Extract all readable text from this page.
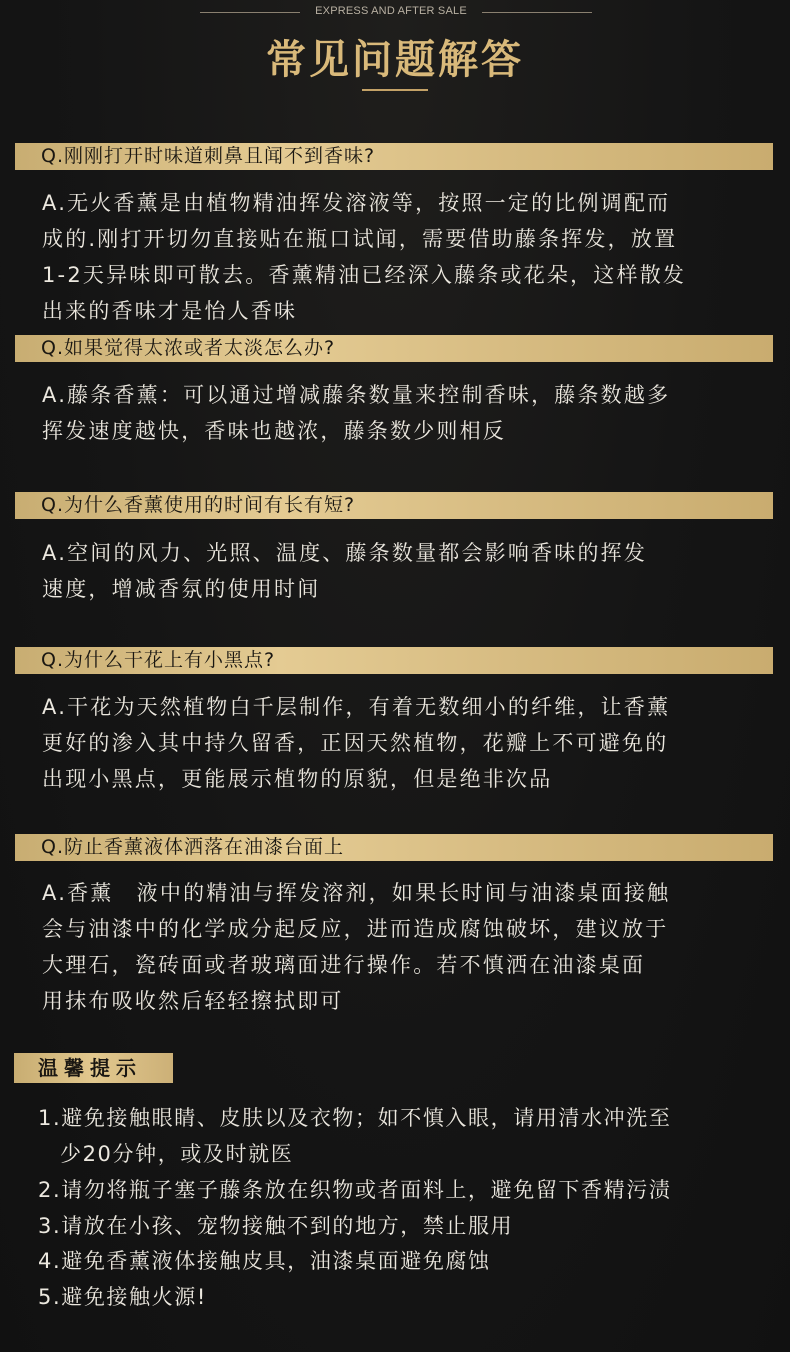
EXPRESS AND AFTER SALE
常见问题解答
Q.刚刚打开时味道刺鼻且闻不到香味?
A.无火香薰是由植物精油挥发溶液等，按照一定的比例调配而
成的.刚打开切勿直接贴在瓶口试闻，需要借助藤条挥发，放置
1-2天异味即可散去。香薰精油已经深入藤条或花朵，这样散发
出来的香味才是怡人香味
Q.如果觉得太浓或者太淡怎么办?
A.藤条香薰：可以通过增减藤条数量来控制香味，藤条数越多
挥发速度越快，香味也越浓，藤条数少则相反
Q.为什么香薰使用的时间有长有短?
A.空间的风力、光照、温度、藤条数量都会影响香味的挥发
速度，增减香氛的使用时间
Q.为什么干花上有小黑点?
A.干花为天然植物白千层制作，有着无数细小的纤维，让香薰
更好的渗入其中持久留香，正因天然植物，花瓣上不可避免的
出现小黑点，更能展示植物的原貌，但是绝非次品
Q.防止香薰液体洒落在油漆台面上
A.香薰　液中的精油与挥发溶剂，如果长时间与油漆桌面接触
会与油漆中的化学成分起反应，进而造成腐蚀破坏，建议放于
大理石，瓷砖面或者玻璃面进行操作。若不慎洒在油漆桌面
用抹布吸收然后轻轻擦拭即可
温馨提示
1.避免接触眼睛、皮肤以及衣物；如不慎入眼，请用清水冲洗至
少20分钟，或及时就医
2.请勿将瓶子塞子藤条放在织物或者面料上，避免留下香精污渍
3.请放在小孩、宠物接触不到的地方，禁止服用
4.避免香薰液体接触皮具，油漆桌面避免腐蚀
5.避免接触火源!
